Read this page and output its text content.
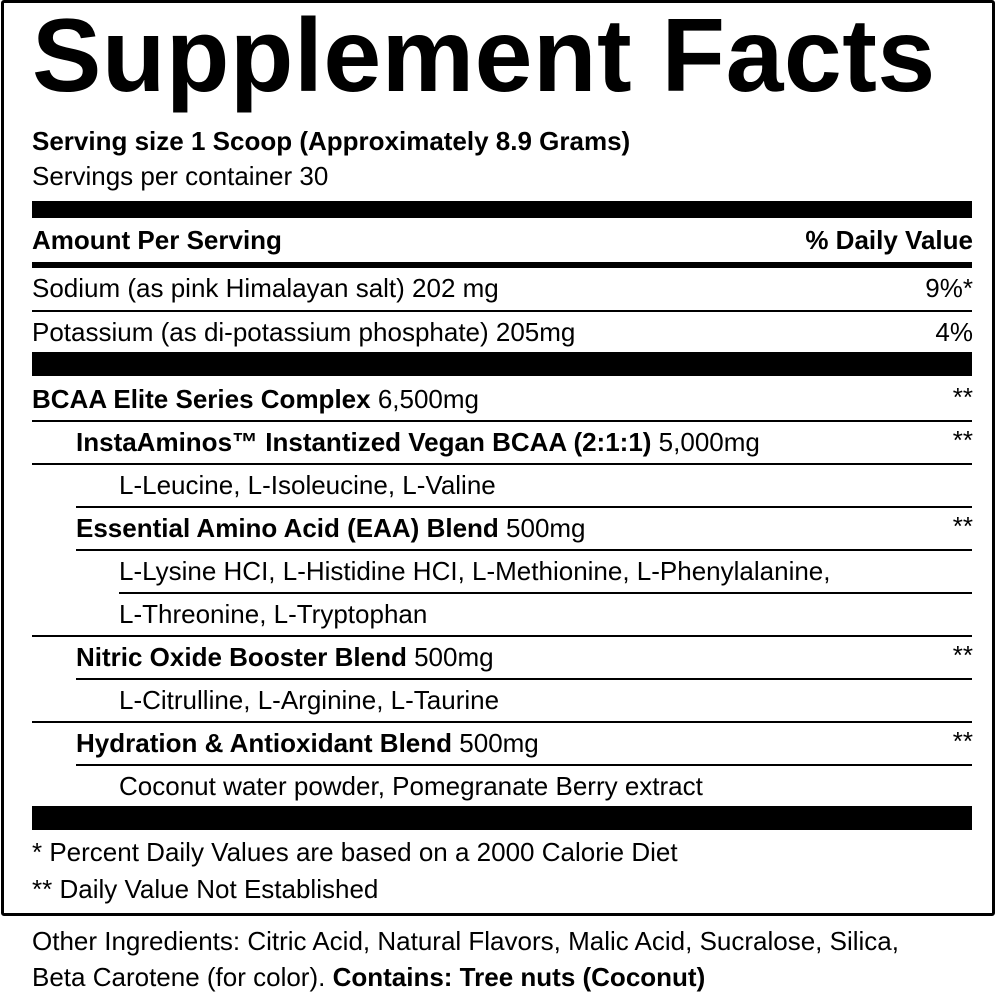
Supplement Facts
Serving size 1 Scoop (Approximately 8.9 Grams)
Servings per container 30
Amount Per Serving	% Daily Value
Sodium (as pink Himalayan salt) 202 mg	9%*
Potassium (as di-potassium phosphate) 205mg	4%
BCAA Elite Series Complex 6,500mg	**
InstaAminos™ Instantized Vegan BCAA (2:1:1) 5,000mg	**
L-Leucine, L-Isoleucine, L-Valine
Essential Amino Acid (EAA) Blend 500mg	**
L-Lysine HCI, L-Histidine HCI, L-Methionine, L-Phenylalanine,
L-Threonine, L-Tryptophan
Nitric Oxide Booster Blend 500mg	**
L-Citrulline, L-Arginine, L-Taurine
Hydration & Antioxidant Blend 500mg	**
Coconut water powder, Pomegranate Berry extract
* Percent Daily Values are based on a 2000 Calorie Diet
** Daily Value Not Established
Other Ingredients: Citric Acid, Natural Flavors, Malic Acid, Sucralose, Silica,
Beta Carotene (for color). Contains: Tree nuts (Coconut)
